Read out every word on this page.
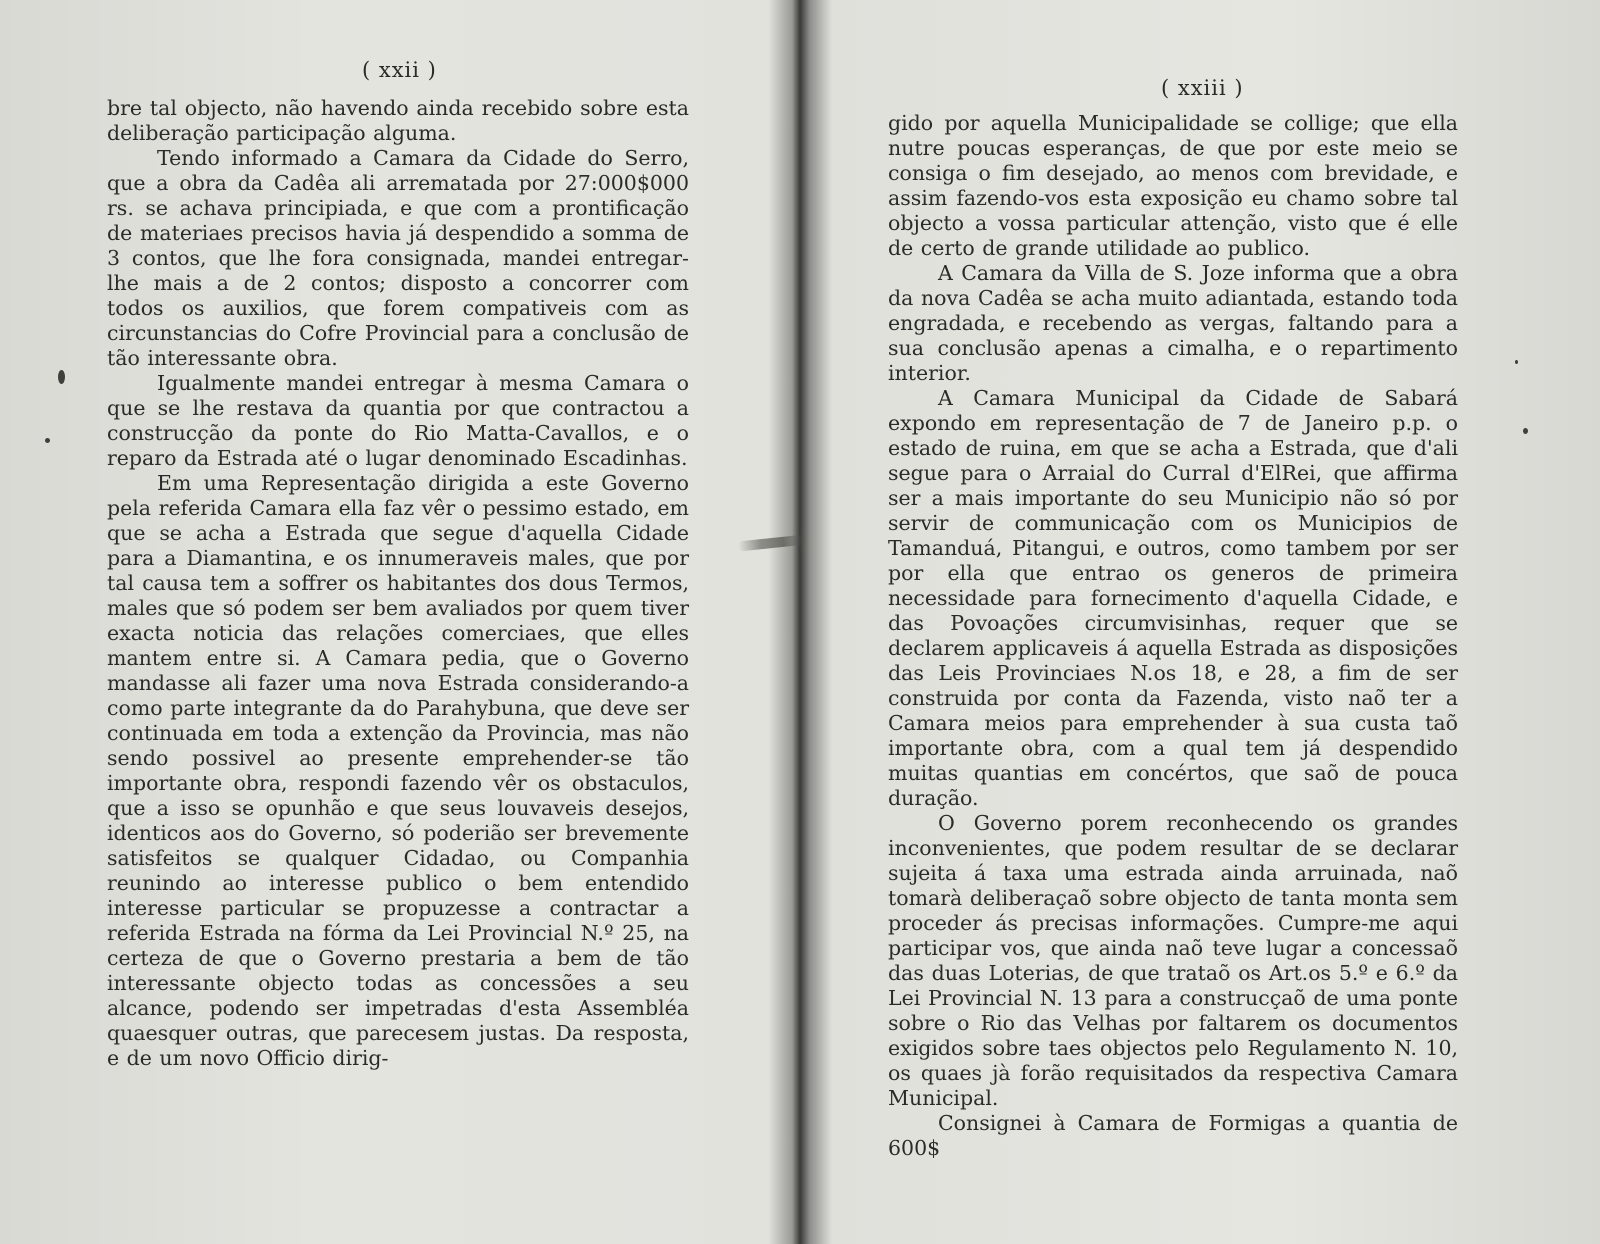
( xxii )

bre tal objecto, não havendo ainda recebido sobre esta deliberação participação alguma.

Tendo informado a Camara da Cidade do Serro, que a obra da Cadêa ali arrematada por 27:000$000 rs. se achava principiada, e que com a prontificação de materiaes precisos havia já despendido a somma de 3 contos, que lhe fora consignada, mandei entregar-lhe mais a de 2 contos; disposto a concorrer com todos os auxilios, que forem compativeis com as circunstancias do Cofre Provincial para a conclusão de tão interessante obra.

Igualmente mandei entregar à mesma Camara o que se lhe restava da quantia por que contractou a construcção da ponte do Rio Matta-Cavallos, e o reparo da Estrada até o lugar denominado Escadinhas.

Em uma Representação dirigida a este Governo pela referida Camara ella faz vêr o pessimo estado, em que se acha a Estrada que segue d'aquella Cidade para a Diamantina, e os innumeraveis males, que por tal causa tem a soffrer os habitantes dos dous Termos, males que só podem ser bem avaliados por quem tiver exacta noticia das relações comerciaes, que elles mantem entre si. A Camara pedia, que o Governo mandasse ali fazer uma nova Estrada considerando-a como parte integrante da do Parahybuna, que deve ser continuada em toda a extenção da Provincia, mas não sendo possivel ao presente emprehender-se tão importante obra, respondi fazendo vêr os obstaculos, que a isso se opunhão e que seus louvaveis desejos, identicos aos do Governo, só poderião ser brevemente satisfeitos se qualquer Cidadao, ou Companhia reunindo ao interesse publico o bem entendido interesse particular se propuzesse a contractar a referida Estrada na fórma da Lei Provincial N.º 25, na certeza de que o Governo prestaria a bem de tão interessante objecto todas as concessões a seu alcance, podendo ser impetradas d'esta Assembléa quaesquer outras, que parecesem justas. Da resposta, e de um novo Officio dirig-

( xxiii )

gido por aquella Municipalidade se collige; que ella nutre poucas esperanças, de que por este meio se consiga o fim desejado, ao menos com brevidade, e assim fazendo-vos esta exposição eu chamo sobre tal objecto a vossa particular attenção, visto que é elle de certo de grande utilidade ao publico.

A Camara da Villa de S. Joze informa que a obra da nova Cadêa se acha muito adiantada, estando toda engradada, e recebendo as vergas, faltando para a sua conclusão apenas a cimalha, e o repartimento interior.

A Camara Municipal da Cidade de Sabará expondo em representação de 7 de Janeiro p.p. o estado de ruina, em que se acha a Estrada, que d'ali segue para o Arraial do Curral d'ElRei, que affirma ser a mais importante do seu Municipio não só por servir de communicação com os Municipios de Tamanduá, Pitangui, e outros, como tambem por ser por ella que entrao os generos de primeira necessidade para fornecimento d'aquella Cidade, e das Povoações circumvisinhas, requer que se declarem applicaveis á aquella Estrada as disposições das Leis Provinciaes N.os 18, e 28, a fim de ser construida por conta da Fazenda, visto naõ ter a Camara meios para emprehender à sua custa taõ importante obra, com a qual tem já despendido muitas quantias em concértos, que saõ de pouca duração.

O Governo porem reconhecendo os grandes inconvenientes, que podem resultar de se declarar sujeita á taxa uma estrada ainda arruinada, naõ tomarà deliberaçaõ sobre objecto de tanta monta sem proceder ás precisas informações. Cumpre-me aqui participar vos, que ainda naõ teve lugar a concessaõ das duas Loterias, de que trataõ os Art.os 5.º e 6.º da Lei Provincial N. 13 para a construcçaõ de uma ponte sobre o Rio das Velhas por faltarem os documentos exigidos sobre taes objectos pelo Regulamento N. 10, os quaes jà forão requisitados da respectiva Camara Municipal.

Consignei à Camara de Formigas a quantia de 600$
